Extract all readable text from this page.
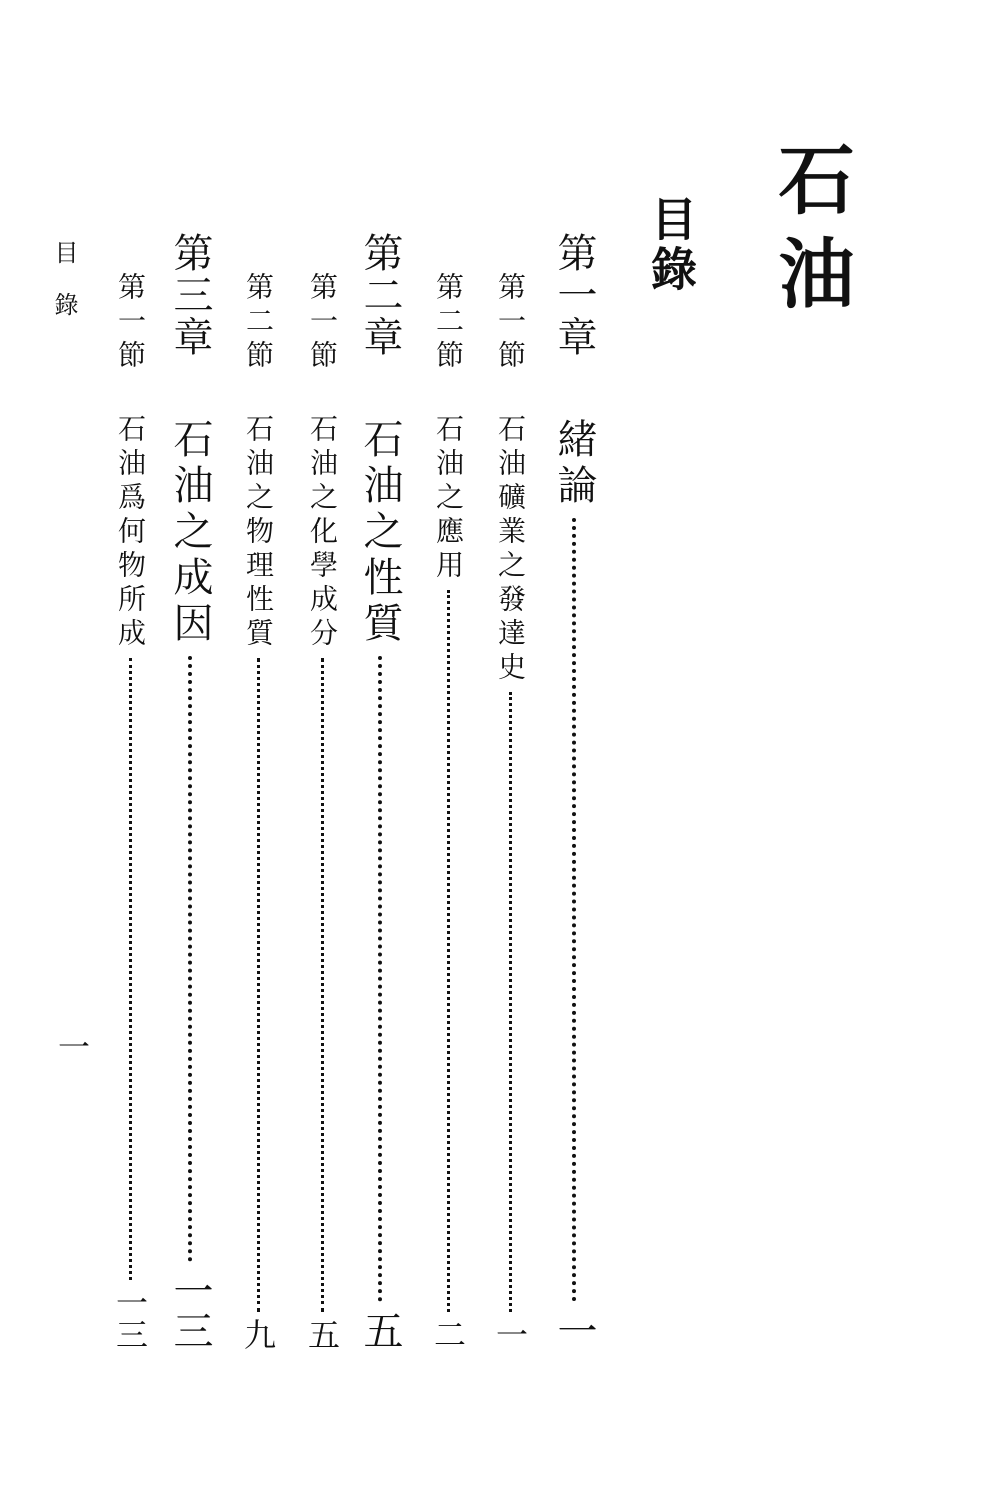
石油
目錄
第一章
緒論
一
第一節
石油礦業之發達史
一
第二節
石油之應用
二
第二章
石油之性質
五
第一節
石油之化學成分
五
第二節
石油之物理性質
九
第三章
石油之成因
一三
第一節
石油爲何物所成
一三
目錄
一
